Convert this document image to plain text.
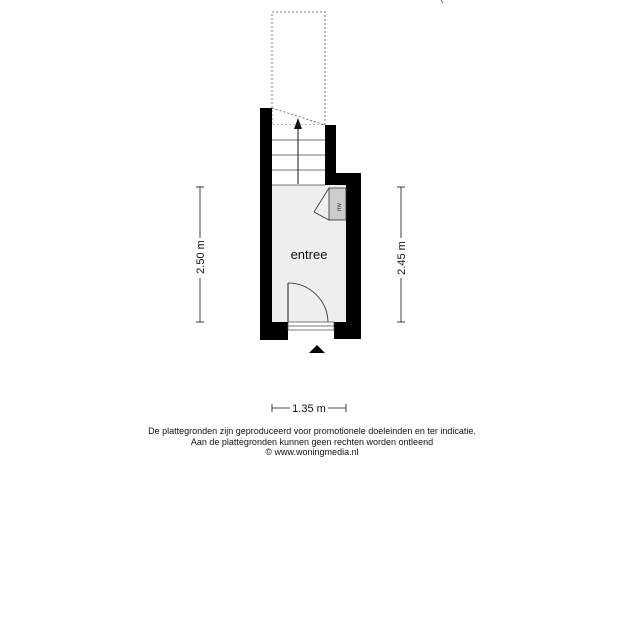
mv
entree
2.50 m	2.45 m
1.35 m
De plattegronden zijn geproduceerd voor promotionele doeleinden en ter indicatie.
Aan de plattegronden kunnen geen rechten worden ontleend
© www.woningmedia.nl
